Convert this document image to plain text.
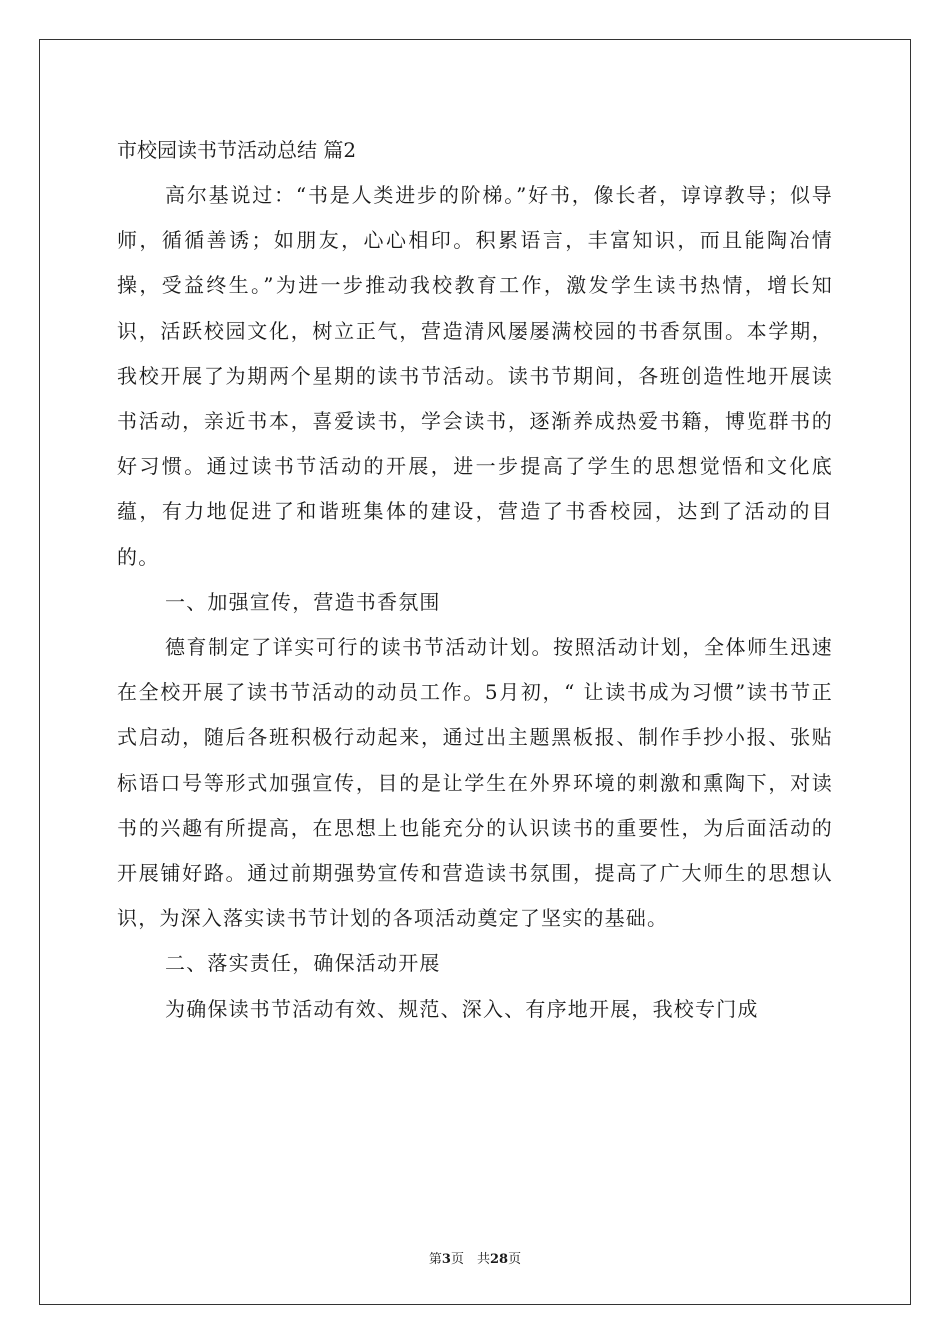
市校园读书节活动总结 篇2

高尔基说过：“书是人类进步的阶梯。”好书，像长者，谆谆教导；似导师，循循善诱；如朋友，心心相印。积累语言，丰富知识，而且能陶冶情操，受益终生。”为进一步推动我校教育工作，激发学生读书热情，增长知识，活跃校园文化，树立正气，营造清风屡屡满校园的书香氛围。本学期，我校开展了为期两个星期的读书节活动。读书节期间，各班创造性地开展读书活动，亲近书本，喜爱读书，学会读书，逐渐养成热爱书籍，博览群书的好习惯。通过读书节活动的开展，进一步提高了学生的思想觉悟和文化底蕴，有力地促进了和谐班集体的建设，营造了书香校园，达到了活动的目的。

一、加强宣传，营造书香氛围

德育制定了详实可行的读书节活动计划。按照活动计划，全体师生迅速在全校开展了读书节活动的动员工作。5月初，“ 让读书成为习惯”读书节正式启动，随后各班积极行动起来，通过出主题黑板报、制作手抄小报、张贴标语口号等形式加强宣传，目的是让学生在外界环境的刺激和熏陶下，对读书的兴趣有所提高，在思想上也能充分的认识读书的重要性，为后面活动的开展铺好路。通过前期强势宣传和营造读书氛围，提高了广大师生的思想认识，为深入落实读书节计划的各项活动奠定了坚实的基础。

二、落实责任，确保活动开展

为确保读书节活动有效、规范、深入、有序地开展，我校专门成

第3页　共28页
